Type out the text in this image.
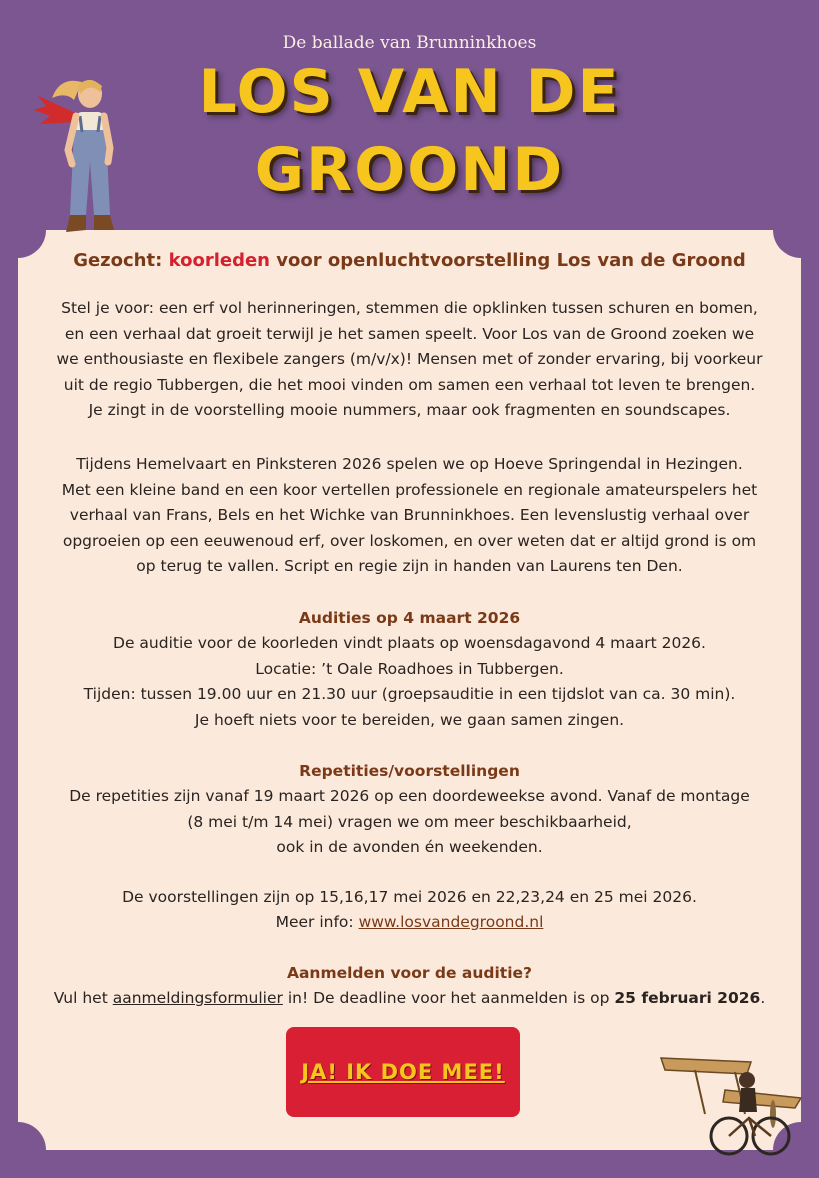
De ballade van Brunninkhoes
LOS VAN DE
GROOND
Gezocht: koorleden voor openluchtvoorstelling Los van de Groond

Stel je voor: een erf vol herinneringen, stemmen die opklinken tussen schuren en bomen,

en een verhaal dat groeit terwijl je het samen speelt. Voor Los van de Groond zoeken we

we enthousiaste en flexibele zangers (m/v/x)! Mensen met of zonder ervaring, bij voorkeur

uit de regio Tubbergen, die het mooi vinden om samen een verhaal tot leven te brengen.

Je zingt in de voorstelling mooie nummers, maar ook fragmenten en soundscapes.

Tijdens Hemelvaart en Pinksteren 2026 spelen we op Hoeve Springendal in Hezingen.

Met een kleine band en een koor vertellen professionele en regionale amateurspelers het

verhaal van Frans, Bels en het Wichke van Brunninkhoes. Een levenslustig verhaal over

opgroeien op een eeuwenoud erf, over loskomen, en over weten dat er altijd grond is om

op terug te vallen. Script en regie zijn in handen van Laurens ten Den.

Audities op 4 maart 2026

De auditie voor de koorleden vindt plaats op woensdagavond 4 maart 2026.

Locatie: ’t Oale Roadhoes in Tubbergen.

Tijden: tussen 19.00 uur en 21.30 uur (groepsauditie in een tijdslot van ca. 30 min).

Je hoeft niets voor te bereiden, we gaan samen zingen.

Repetities/voorstellingen

De repetities zijn vanaf 19 maart 2026 op een doordeweekse avond. Vanaf de montage

(8 mei t/m 14 mei) vragen we om meer beschikbaarheid,

ook in de avonden én weekenden.

De voorstellingen zijn op 15,16,17 mei 2026 en 22,23,24 en 25 mei 2026.

Meer info: www.losvandegroond.nl

Aanmelden voor de auditie?

Vul het aanmeldingsformulier in! De deadline voor het aanmelden is op 25 februari 2026.

JA! IK DOE MEE!
